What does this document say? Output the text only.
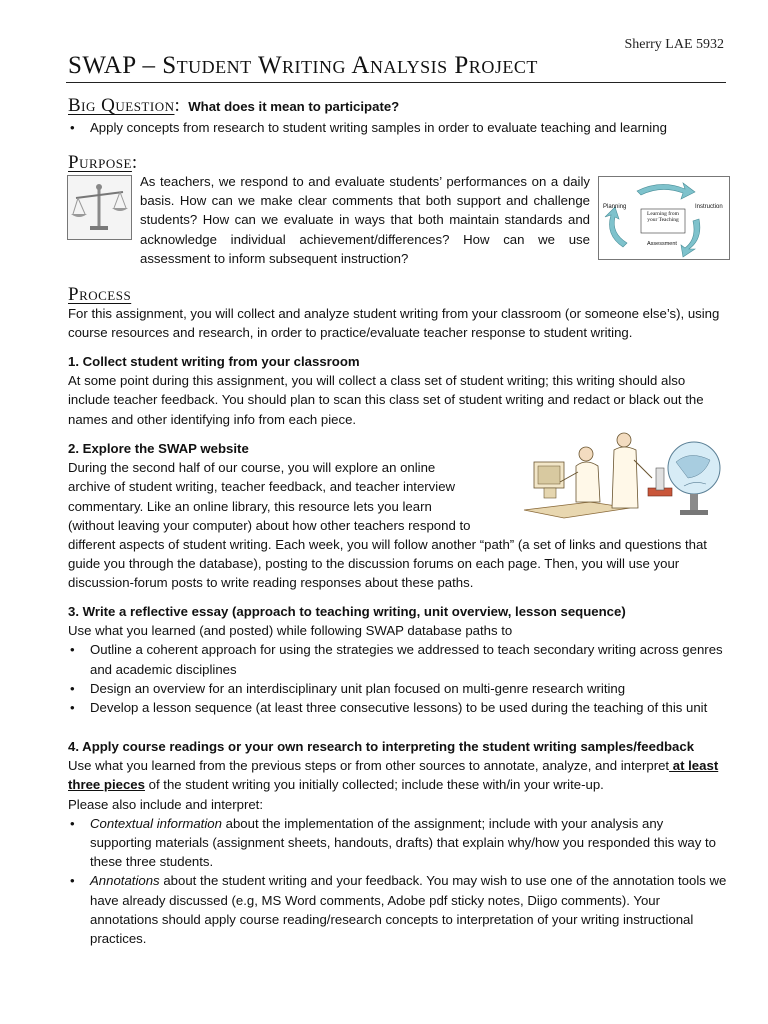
Sherry LAE 5932
SWAP – Student Writing Analysis Project
Big Question: What does it mean to participate?
• Apply concepts from research to student writing samples in order to evaluate teaching and learning
Purpose:
As teachers, we respond to and evaluate students’ performances on a daily basis. How can we make clear comments that both support and challenge students? How can we evaluate in ways that both maintain standards and acknowledge individual achievement/differences? How can we use assessment to inform subsequent instruction?
Planning	Instruction
Assessment
Learning from your Teaching
Process
For this assignment, you will collect and analyze student writing from your classroom (or someone else’s), using course resources and research, in order to practice/evaluate teacher response to student writing.
1. Collect student writing from your classroom
At some point during this assignment, you will collect a class set of student writing; this writing should also include teacher feedback. You should plan to scan this class set of student writing and redact or black out the names and other identifying info from each piece.
2. Explore the SWAP website
During the second half of our course, you will explore an online
archive of student writing, teacher feedback, and teacher interview
commentary. Like an online library, this resource lets you learn
(without leaving your computer) about how other teachers respond to
different aspects of student writing. Each week, you will follow another “path” (a set of links and questions that guide you through the database), posting to the discussion forums on each page. Then, you will use your discussion-forum posts to write reading responses about these paths.
3. Write a reflective essay (approach to teaching writing, unit overview, lesson sequence)
Use what you learned (and posted) while following SWAP database paths to
• Outline a coherent approach for using the strategies we addressed to teach secondary writing across genres and academic disciplines
• Design an overview for an interdisciplinary unit plan focused on multi-genre research writing
• Develop a lesson sequence (at least three consecutive lessons) to be used during the teaching of this unit
4. Apply course readings or your own research to interpreting the student writing samples/feedback
Use what you learned from the previous steps or from other sources to annotate, analyze, and interpret at least three pieces of the student writing you initially collected; include these with/in your write-up.
Please also include and interpret:
• Contextual information about the implementation of the assignment; include with your analysis any supporting materials (assignment sheets, handouts, drafts) that explain why/how you responded this way to these three students.
• Annotations about the student writing and your feedback. You may wish to use one of the annotation tools we have already discussed (e.g, MS Word comments, Adobe pdf sticky notes, Diigo comments). Your annotations should apply course reading/research concepts to interpretation of your writing instructional practices.
